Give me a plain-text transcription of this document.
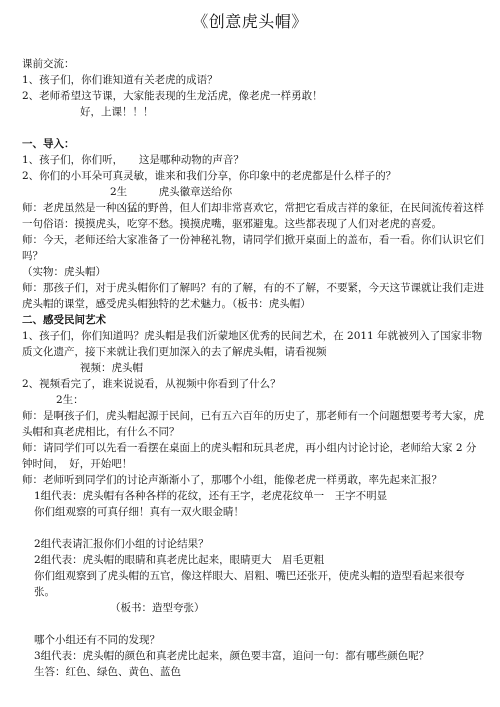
《创意虎头帽》

课前交流：

1、孩子们，你们谁知道有关老虎的成语？

2、老师希望这节课，大家能表现的生龙活虎，像老虎一样勇敢！

好，上课！！！

一、导入：

1、孩子们，你们听，　　这是哪种动物的声音？

2、你们的小耳朵可真灵敏，谁来和我们分享，你印象中的老虎都是什么样子的？

2生　　　虎头徽章送给你

师：老虎虽然是一种凶猛的野兽，但人们却非常喜欢它，常把它看成吉祥的象征，在民间流传着这样一句俗语：摸摸虎头，吃穿不愁。摸摸虎嘴，驱邪避鬼。这些都表现了人们对老虎的喜爱。

师：今天，老师还给大家准备了一份神秘礼物，请同学们掀开桌面上的盖布，看一看。你们认识它们吗？

（实物：虎头帽）

师：那孩子们，对于虎头帽你们了解吗？有的了解，有的不了解，不要紧，今天这节课就让我们走进虎头帽的课堂，感受虎头帽独特的艺术魅力。（板书：虎头帽）

二、感受民间艺术

1、孩子们，你们知道吗？虎头帽是我们沂蒙地区优秀的民间艺术，在 2011 年就被列入了国家非物质文化遗产，接下来就让我们更加深入的去了解虎头帽，请看视频

视频：虎头帽

2、视频看完了，谁来说说看，从视频中你看到了什么？

2生：

师：是啊孩子们，虎头帽起源于民间，已有五六百年的历史了，那老师有一个问题想要考考大家，虎头帽和真老虎相比，有什么不同？

师：请同学们可以先看一看摆在桌面上的虎头帽和玩具老虎，再小组内讨论讨论，老师给大家 2 分钟时间，　好，开始吧！

师：老师听到同学们的讨论声渐渐小了，那哪个小组，能像老虎一样勇敢，率先起来汇报？

1组代表：虎头帽有各种各样的花纹，还有王字，老虎花纹单一　王字不明显

你们组观察的可真仔细！真有一双火眼金睛！

2组代表请汇报你们小组的讨论结果？

2组代表：虎头帽的眼睛和真老虎比起来，眼睛更大　眉毛更粗

你们组观察到了虎头帽的五官，像这样眼大、眉粗、嘴巴还张开，使虎头帽的造型看起来很夸张。

（板书：造型夸张）

哪个小组还有不同的发现？

3组代表：虎头帽的颜色和真老虎比起来，颜色要丰富，追问一句：都有哪些颜色呢？

生答：红色、绿色、黄色、蓝色
